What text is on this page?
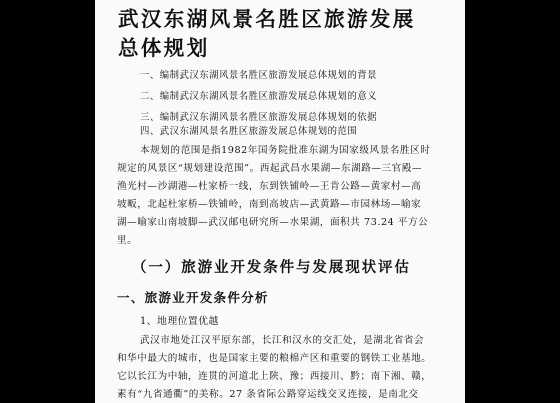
武汉东湖风景名胜区旅游发展
总体规划
一、编制武汉东湖风景名胜区旅游发展总体规划的背景
二、编制武汉东湖风景名胜区旅游发展总体规划的意义
三、编制武汉东湖风景名胜区旅游发展总体规划的依据
四、武汉东湖风景名胜区旅游发展总体规划的范围
本规划的范围是指1982年国务院批准东湖为国家级风景名胜区时
规定的风景区“规划建设范围”。西起武昌水果湖—东湖路—三官殿—
渔光村—沙湖港—杜家桥一线，东到铁铺岭—王肯公路—黄家村—高
坡畈，北起杜家桥—铁铺岭，南到高坡店—武黄路—市园林场—喻家
湖—喻家山南坡脚—武汉邮电研究所—水果湖，面积共 73.24 平方公
里。
（一）旅游业开发条件与发展现状评估
一、旅游业开发条件分析
1、地理位置优越
武汉市地处江汉平原东部，长江和汉水的交汇处，是湖北省省会
和华中最大的城市，也是国家主要的粮棉产区和重要的钢铁工业基地。
它以长江为中轴，连贯的河道北上陕、豫；西接川、黔；南下湘、赣，
素有“九省通衢”的美称。27 条省际公路穿运线交叉连接，是南北交
